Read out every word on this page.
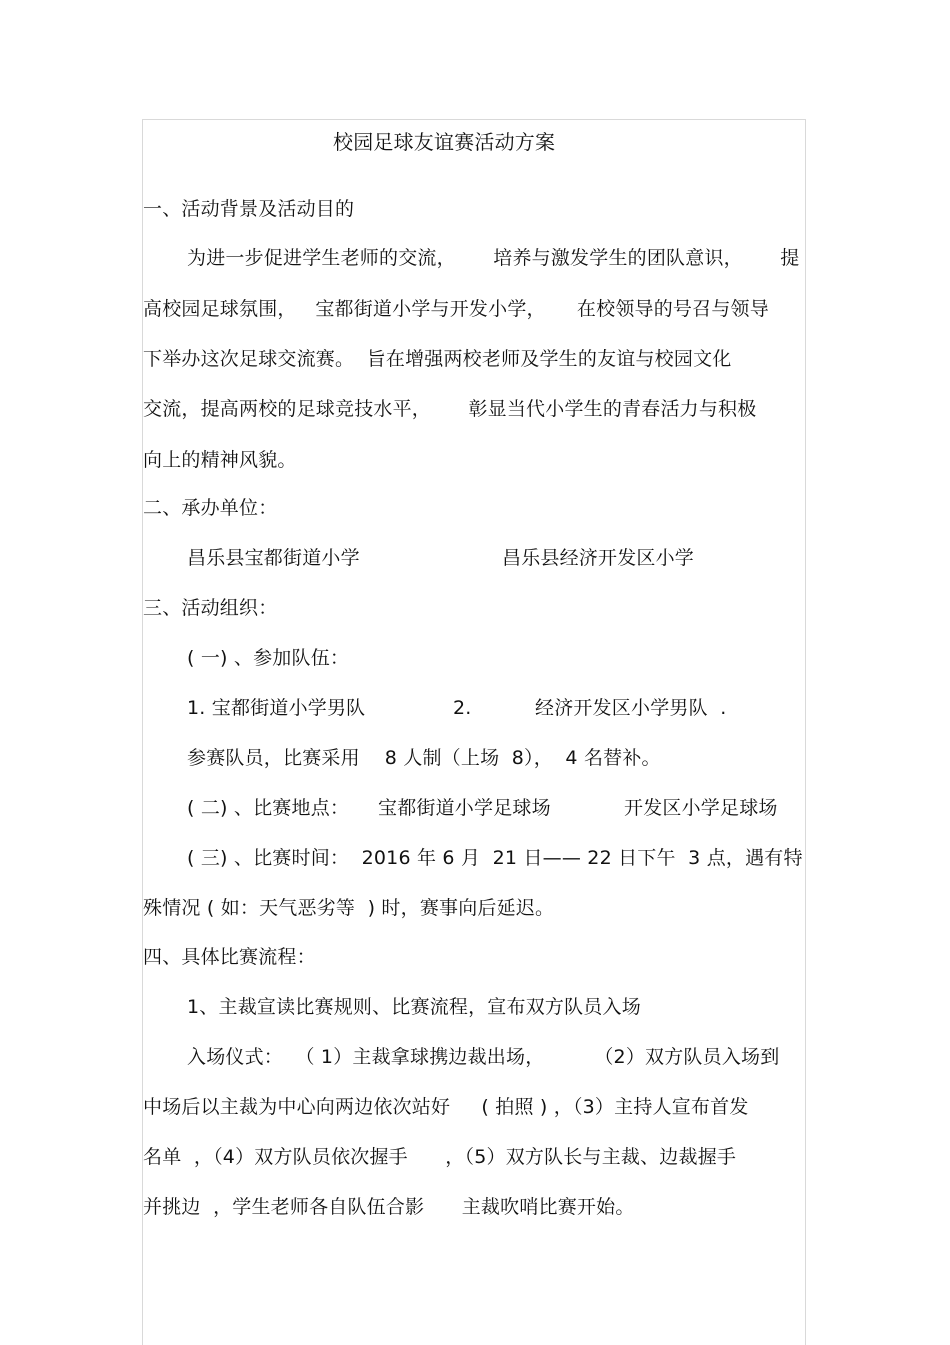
校园足球友谊赛活动方案
一、活动背景及活动目的
为进一步促进学生老师的交流，      培养与激发学生的团队意识，      提
高校园足球氛围，   宝都街道小学与开发小学，     在校领导的号召与领导
下举办这次足球交流赛。  旨在增强两校老师及学生的友谊与校园文化
交流，提高两校的足球竞技水平，      彰显当代小学生的青春活力与积极
向上的精神风貌。
二、承办单位：
昌乐县宝都街道小学	昌乐县经济开发区小学
三、活动组织：
( 一) 、参加队伍：
1. 宝都街道小学男队	2.	经济开发区小学男队  .
参赛队员，比赛采用    8 人制（上场  8），  4 名替补。
( 二) 、比赛地点： 宝都街道小学足球场	开发区小学足球场
( 三) 、比赛时间：  2016 年 6 月  21 日—— 22 日下午  3 点，遇有特
殊情况 ( 如：天气恶劣等  ) 时，赛事向后延迟。
四、具体比赛流程：
1、主裁宣读比赛规则、比赛流程，宣布双方队员入场
入场仪式：  （ 1）主裁拿球携边裁出场，        （2）双方队员入场到
中场后以主裁为中心向两边依次站好     ( 拍照 ) ，（3）主持人宣布首发
名单  ，（4）双方队员依次握手      ，（5）双方队长与主裁、边裁握手
并挑边  ，学生老师各自队伍合影      主裁吹哨比赛开始。
